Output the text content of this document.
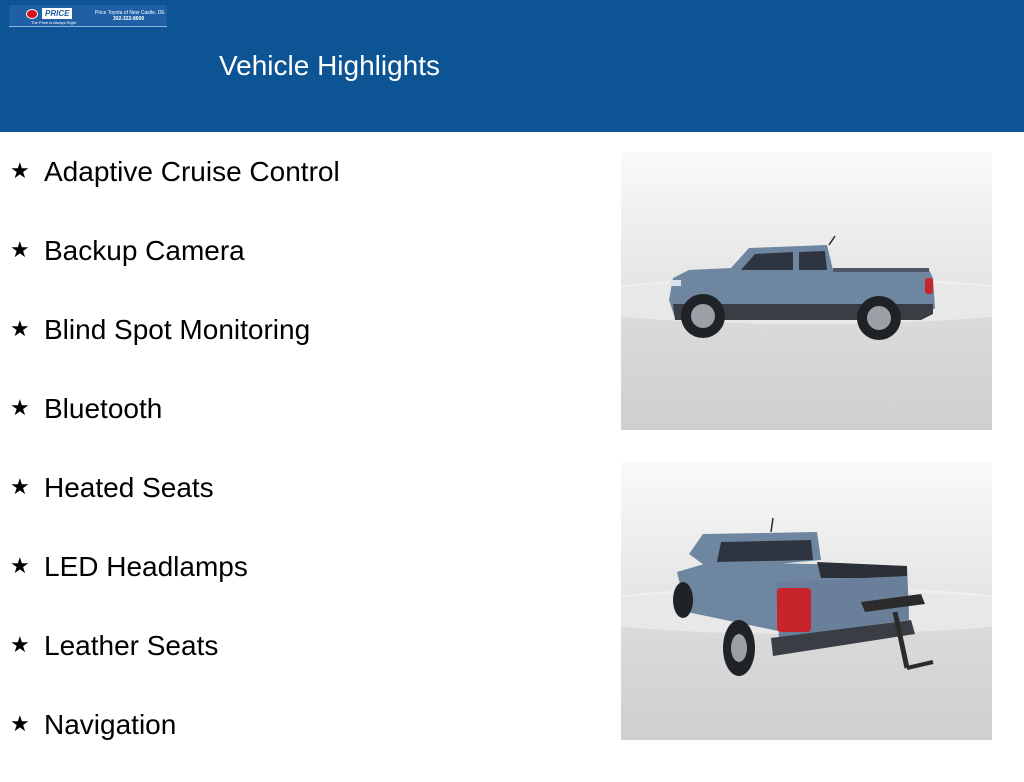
PRICE
The Price is Always Right
Price Toyota of New Castle, DE
302-322-8600
Vehicle Highlights
★ Adaptive Cruise Control
★ Backup Camera
★ Blind Spot Monitoring
★ Bluetooth
★ Heated Seats
★ LED Headlamps
★ Leather Seats
★ Navigation
